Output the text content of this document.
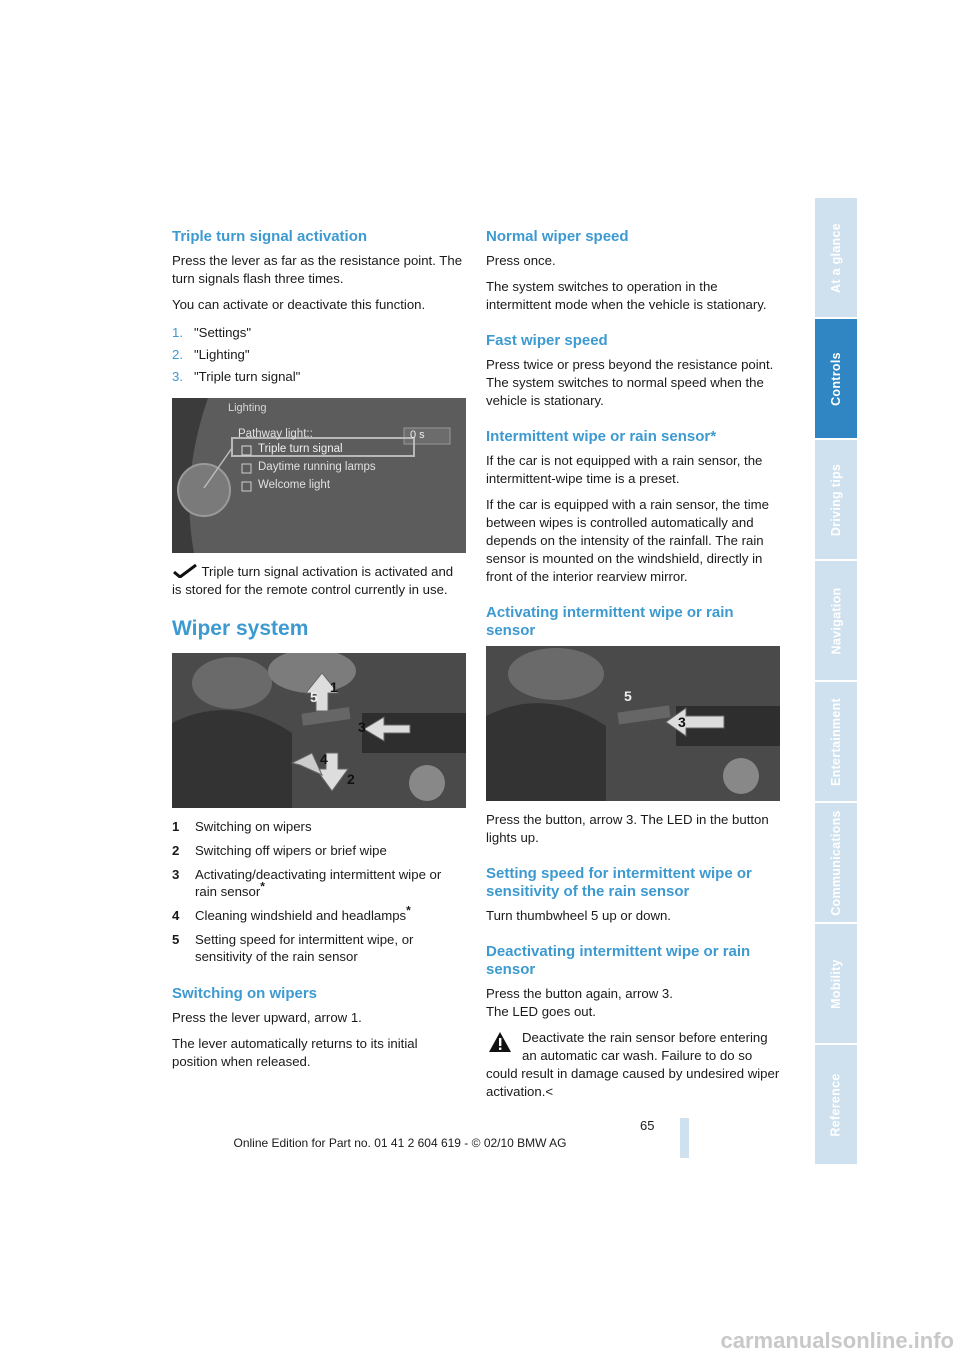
Triple turn signal activation

Press the lever as far as the resistance point. The turn signals flash three times.

You can activate or deactivate this function.

1. "Settings"
2. "Lighting"
3. "Triple turn signal"
Lighting
Pathway light::	0 s
Triple turn signal
Daytime running lamps
Welcome light

Triple turn signal activation is activated and is stored for the remote control currently in use.

Wiper system
1
2
3
4
5
1	Switching on wipers
2	Switching off wipers or brief wipe
3	Activating/deactivating intermittent wipe or rain sensor*
4	Cleaning windshield and headlamps*
5	Setting speed for intermittent wipe, or sensitivity of the rain sensor
Switching on wipers

Press the lever upward, arrow 1.

The lever automatically returns to its initial position when released.

Normal wiper speed

Press once.

The system switches to operation in the intermittent mode when the vehicle is stationary.

Fast wiper speed

Press twice or press beyond the resistance point.

The system switches to normal speed when the vehicle is stationary.

Intermittent wipe or rain sensor*

If the car is not equipped with a rain sensor, the intermittent-wipe time is a preset.

If the car is equipped with a rain sensor, the time between wipes is controlled automatically and depends on the intensity of the rainfall. The rain sensor is mounted on the windshield, directly in front of the interior rearview mirror.

Activating intermittent wipe or rain sensor
5
3

Press the button, arrow 3. The LED in the button lights up.

Setting speed for intermittent wipe or sensitivity of the rain sensor

Turn thumbwheel 5 up or down.

Deactivating intermittent wipe or rain sensor

Press the button again, arrow 3.

The LED goes out.

Deactivate the rain sensor before entering an automatic car wash. Failure to do so could result in damage caused by undesired wiper activation.<

At a glance
Controls
Driving tips
Navigation
Entertainment
Communications
Mobility
Reference
65
Online Edition for Part no. 01 41 2 604 619 - © 02/10 BMW AG
carmanualsonline.info
